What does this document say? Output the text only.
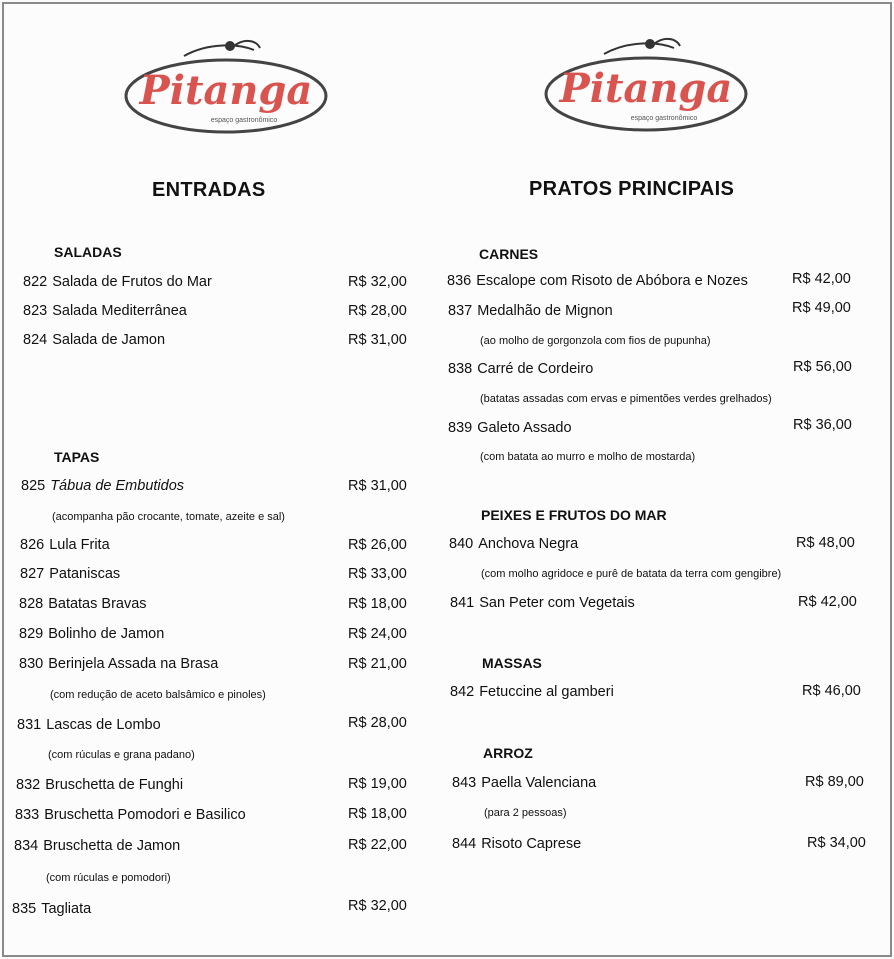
Pitanga
espaço gastronômico
ENTRADAS
SALADAS
822 Salada de Frutos do Mar	R$ 32,00
823 Salada Mediterrânea	R$ 28,00
824 Salada de Jamon	R$ 31,00
TAPAS
825 Tábua de Embutidos	R$ 31,00
(acompanha pão crocante, tomate, azeite e sal)
826 Lula Frita	R$ 26,00
827 Pataniscas	R$ 33,00
828 Batatas Bravas	R$ 18,00
829 Bolinho de Jamon	R$ 24,00
830 Berinjela Assada na Brasa	R$ 21,00
(com redução de aceto balsâmico e pinoles)
831 Lascas de Lombo	R$ 28,00
(com rúculas e grana padano)
832 Bruschetta de Funghi	R$ 19,00
833 Bruschetta Pomodori e Basilico	R$ 18,00
834 Bruschetta de Jamon	R$ 22,00
(com rúculas e pomodori)
835 Tagliata	R$ 32,00
Pitanga
espaço gastronômico
PRATOS PRINCIPAIS
CARNES
836 Escalope com Risoto de Abóbora e Nozes	R$ 42,00
837 Medalhão de Mignon	R$ 49,00
(ao molho de gorgonzola com fios de pupunha)
838 Carré de Cordeiro	R$ 56,00
(batatas assadas com ervas e pimentões verdes grelhados)
839 Galeto Assado	R$ 36,00
(com batata ao murro e molho de mostarda)
PEIXES E FRUTOS DO MAR
840 Anchova Negra	R$ 48,00
(com molho agridoce e purê de batata da terra com gengibre)
841 San Peter com Vegetais	R$ 42,00
MASSAS
842 Fetuccine al gamberi	R$ 46,00
ARROZ
843 Paella Valenciana	R$ 89,00
(para 2 pessoas)
844 Risoto Caprese	R$ 34,00
